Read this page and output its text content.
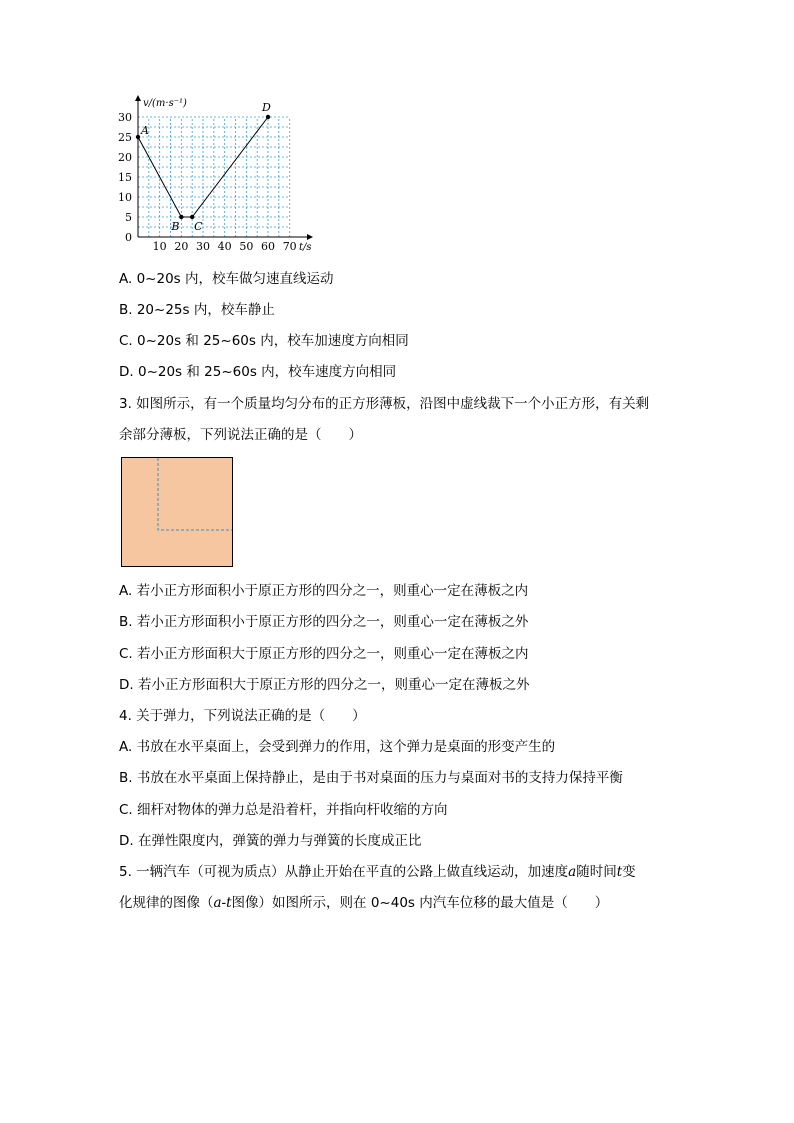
30
25
20
15
10
5
0
10 20 30 40 50 60 70
A
B C
D
v/(m·s⁻¹)
t/s
A. 0~20s 内，校车做匀速直线运动
B. 20~25s 内，校车静止
C. 0~20s 和 25~60s 内，校车加速度方向相同
D. 0~20s 和 25~60s 内，校车速度方向相同
3. 如图所示，有一个质量均匀分布的正方形薄板，沿图中虚线裁下一个小正方形，有关剩
余部分薄板，下列说法正确的是（　　）
A. 若小正方形面积小于原正方形的四分之一，则重心一定在薄板之内
B. 若小正方形面积小于原正方形的四分之一，则重心一定在薄板之外
C. 若小正方形面积大于原正方形的四分之一，则重心一定在薄板之内
D. 若小正方形面积大于原正方形的四分之一，则重心一定在薄板之外
4. 关于弹力，下列说法正确的是（　　）
A. 书放在水平桌面上，会受到弹力的作用，这个弹力是桌面的形变产生的
B. 书放在水平桌面上保持静止，是由于书对桌面的压力与桌面对书的支持力保持平衡
C. 细杆对物体的弹力总是沿着杆，并指向杆收缩的方向
D. 在弹性限度内，弹簧的弹力与弹簧的长度成正比
5. 一辆汽车（可视为质点）从静止开始在平直的公路上做直线运动，加速度a随时间t变
化规律的图像（a-t图像）如图所示，则在 0~40s 内汽车位移的最大值是（　　）
